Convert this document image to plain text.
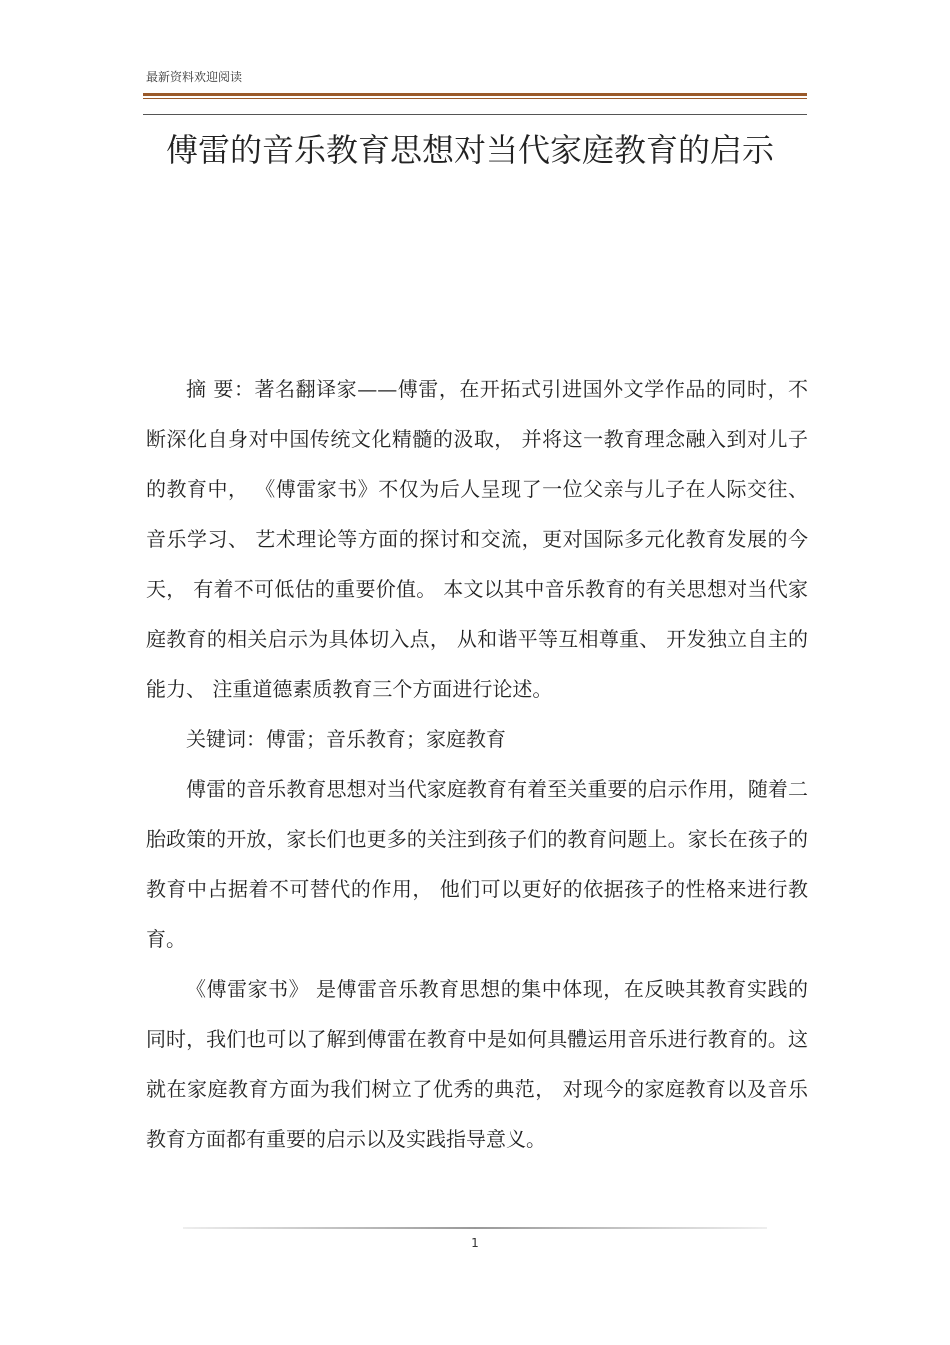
最新资料欢迎阅读
傅雷的音乐教育思想对当代家庭教育的启示

摘 要：著名翻译家——傅雷，在开拓式引进国外文学作品的同时，不断深化自身对中国传统文化精髓的汲取， 并将这一教育理念融入到对儿子的教育中， 《傅雷家书》不仅为后人呈现了一位父亲与儿子在人际交往、音乐学习、 艺术理论等方面的探讨和交流，更对国际多元化教育发展的今天， 有着不可低估的重要价值。 本文以其中音乐教育的有关思想对当代家庭教育的相关启示为具体切入点， 从和谐平等互相尊重、 开发独立自主的能力、 注重道德素质教育三个方面进行论述。

关键词：傅雷；音乐教育；家庭教育

傅雷的音乐教育思想对当代家庭教育有着至关重要的启示作用，随着二胎政策的开放，家长们也更多的关注到孩子们的教育问题上。家长在孩子的教育中占据着不可替代的作用， 他们可以更好的依据孩子的性格来进行教育。

《傅雷家书》 是傅雷音乐教育思想的集中体现，在反映其教育实践的同时，我们也可以了解到傅雷在教育中是如何具體运用音乐进行教育的。这就在家庭教育方面为我们树立了优秀的典范， 对现今的家庭教育以及音乐教育方面都有重要的启示以及实践指导意义。

1
